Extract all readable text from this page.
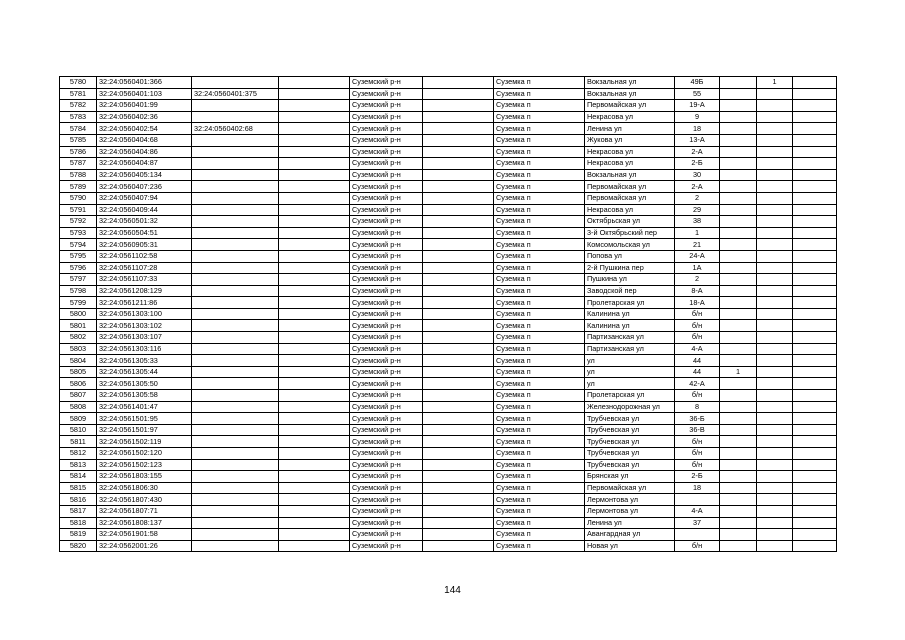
5780	32:24:0560401:366			Суземский р-н		Суземка п	Вокзальная ул	49Б		1	
5781	32:24:0560401:103	32:24:0560401:375		Суземский р-н		Суземка п	Вокзальная ул	55			
5782	32:24:0560401:99			Суземский р-н		Суземка п	Первомайская ул	19-А			
5783	32:24:0560402:36			Суземский р-н		Суземка п	Некрасова ул	9			
5784	32:24:0560402:54	32:24:0560402:68		Суземский р-н		Суземка п	Ленина ул	18			
5785	32:24:0560404:68			Суземский р-н		Суземка п	Жукова ул	13-А			
5786	32:24:0560404:86			Суземский р-н		Суземка п	Некрасова ул	2-А			
5787	32:24:0560404:87			Суземский р-н		Суземка п	Некрасова ул	2-Б			
5788	32:24:0560405:134			Суземский р-н		Суземка п	Вокзальная ул	30			
5789	32:24:0560407:236			Суземский р-н		Суземка п	Первомайская ул	2-А			
5790	32:24:0560407:94			Суземский р-н		Суземка п	Первомайская ул	2			
5791	32:24:0560409:44			Суземский р-н		Суземка п	Некрасова ул	29			
5792	32:24:0560501:32			Суземский р-н		Суземка п	Октябрьская ул	38			
5793	32:24:0560504:51			Суземский р-н		Суземка п	3-й Октябрьский пер	1			
5794	32:24:0560905:31			Суземский р-н		Суземка п	Комсомольская ул	21			
5795	32:24:0561102:58			Суземский р-н		Суземка п	Попова ул	24-А			
5796	32:24:0561107:28			Суземский р-н		Суземка п	2-й Пушкина пер	1А			
5797	32:24:0561107:33			Суземский р-н		Суземка п	Пушкина ул	2			
5798	32:24:0561208:129			Суземский р-н		Суземка п	Заводской пер	8-А			
5799	32:24:0561211:86			Суземский р-н		Суземка п	Пролетарская ул	18-А			
5800	32:24:0561303:100			Суземский р-н		Суземка п	Калинина ул	б/н			
5801	32:24:0561303:102			Суземский р-н		Суземка п	Калинина ул	б/н			
5802	32:24:0561303:107			Суземский р-н		Суземка п	Партизанская ул	б/н			
5803	32:24:0561303:116			Суземский р-н		Суземка п	Партизанская ул	4-А			
5804	32:24:0561305:33			Суземский р-н		Суземка п	ул	44			
5805	32:24:0561305:44			Суземский р-н		Суземка п	ул	44	1		
5806	32:24:0561305:50			Суземский р-н		Суземка п	ул	42-А			
5807	32:24:0561305:58			Суземский р-н		Суземка п	Пролетарская ул	б/н			
5808	32:24:0561401:47			Суземский р-н		Суземка п	Железнодорожная ул	8			
5809	32:24:0561501:95			Суземский р-н		Суземка п	Трубчевская ул	36-Б			
5810	32:24:0561501:97			Суземский р-н		Суземка п	Трубчевская ул	36-В			
5811	32:24:0561502:119			Суземский р-н		Суземка п	Трубчевская ул	б/н			
5812	32:24:0561502:120			Суземский р-н		Суземка п	Трубчевская ул	б/н			
5813	32:24:0561502:123			Суземский р-н		Суземка п	Трубчевская ул	б/н			
5814	32:24:0561803:155			Суземский р-н		Суземка п	Брянская ул	2-Б			
5815	32:24:0561806:30			Суземский р-н		Суземка п	Первомайская ул	18			
5816	32:24:0561807:430			Суземский р-н		Суземка п	Лермонтова ул				
5817	32:24:0561807:71			Суземский р-н		Суземка п	Лермонтова ул	4-А			
5818	32:24:0561808:137			Суземский р-н		Суземка п	Ленина ул	37			
5819	32:24:0561901:58			Суземский р-н		Суземка п	Авангардная ул				
5820	32:24:0562001:26			Суземский р-н		Суземка п	Новая ул	б/н			
144
